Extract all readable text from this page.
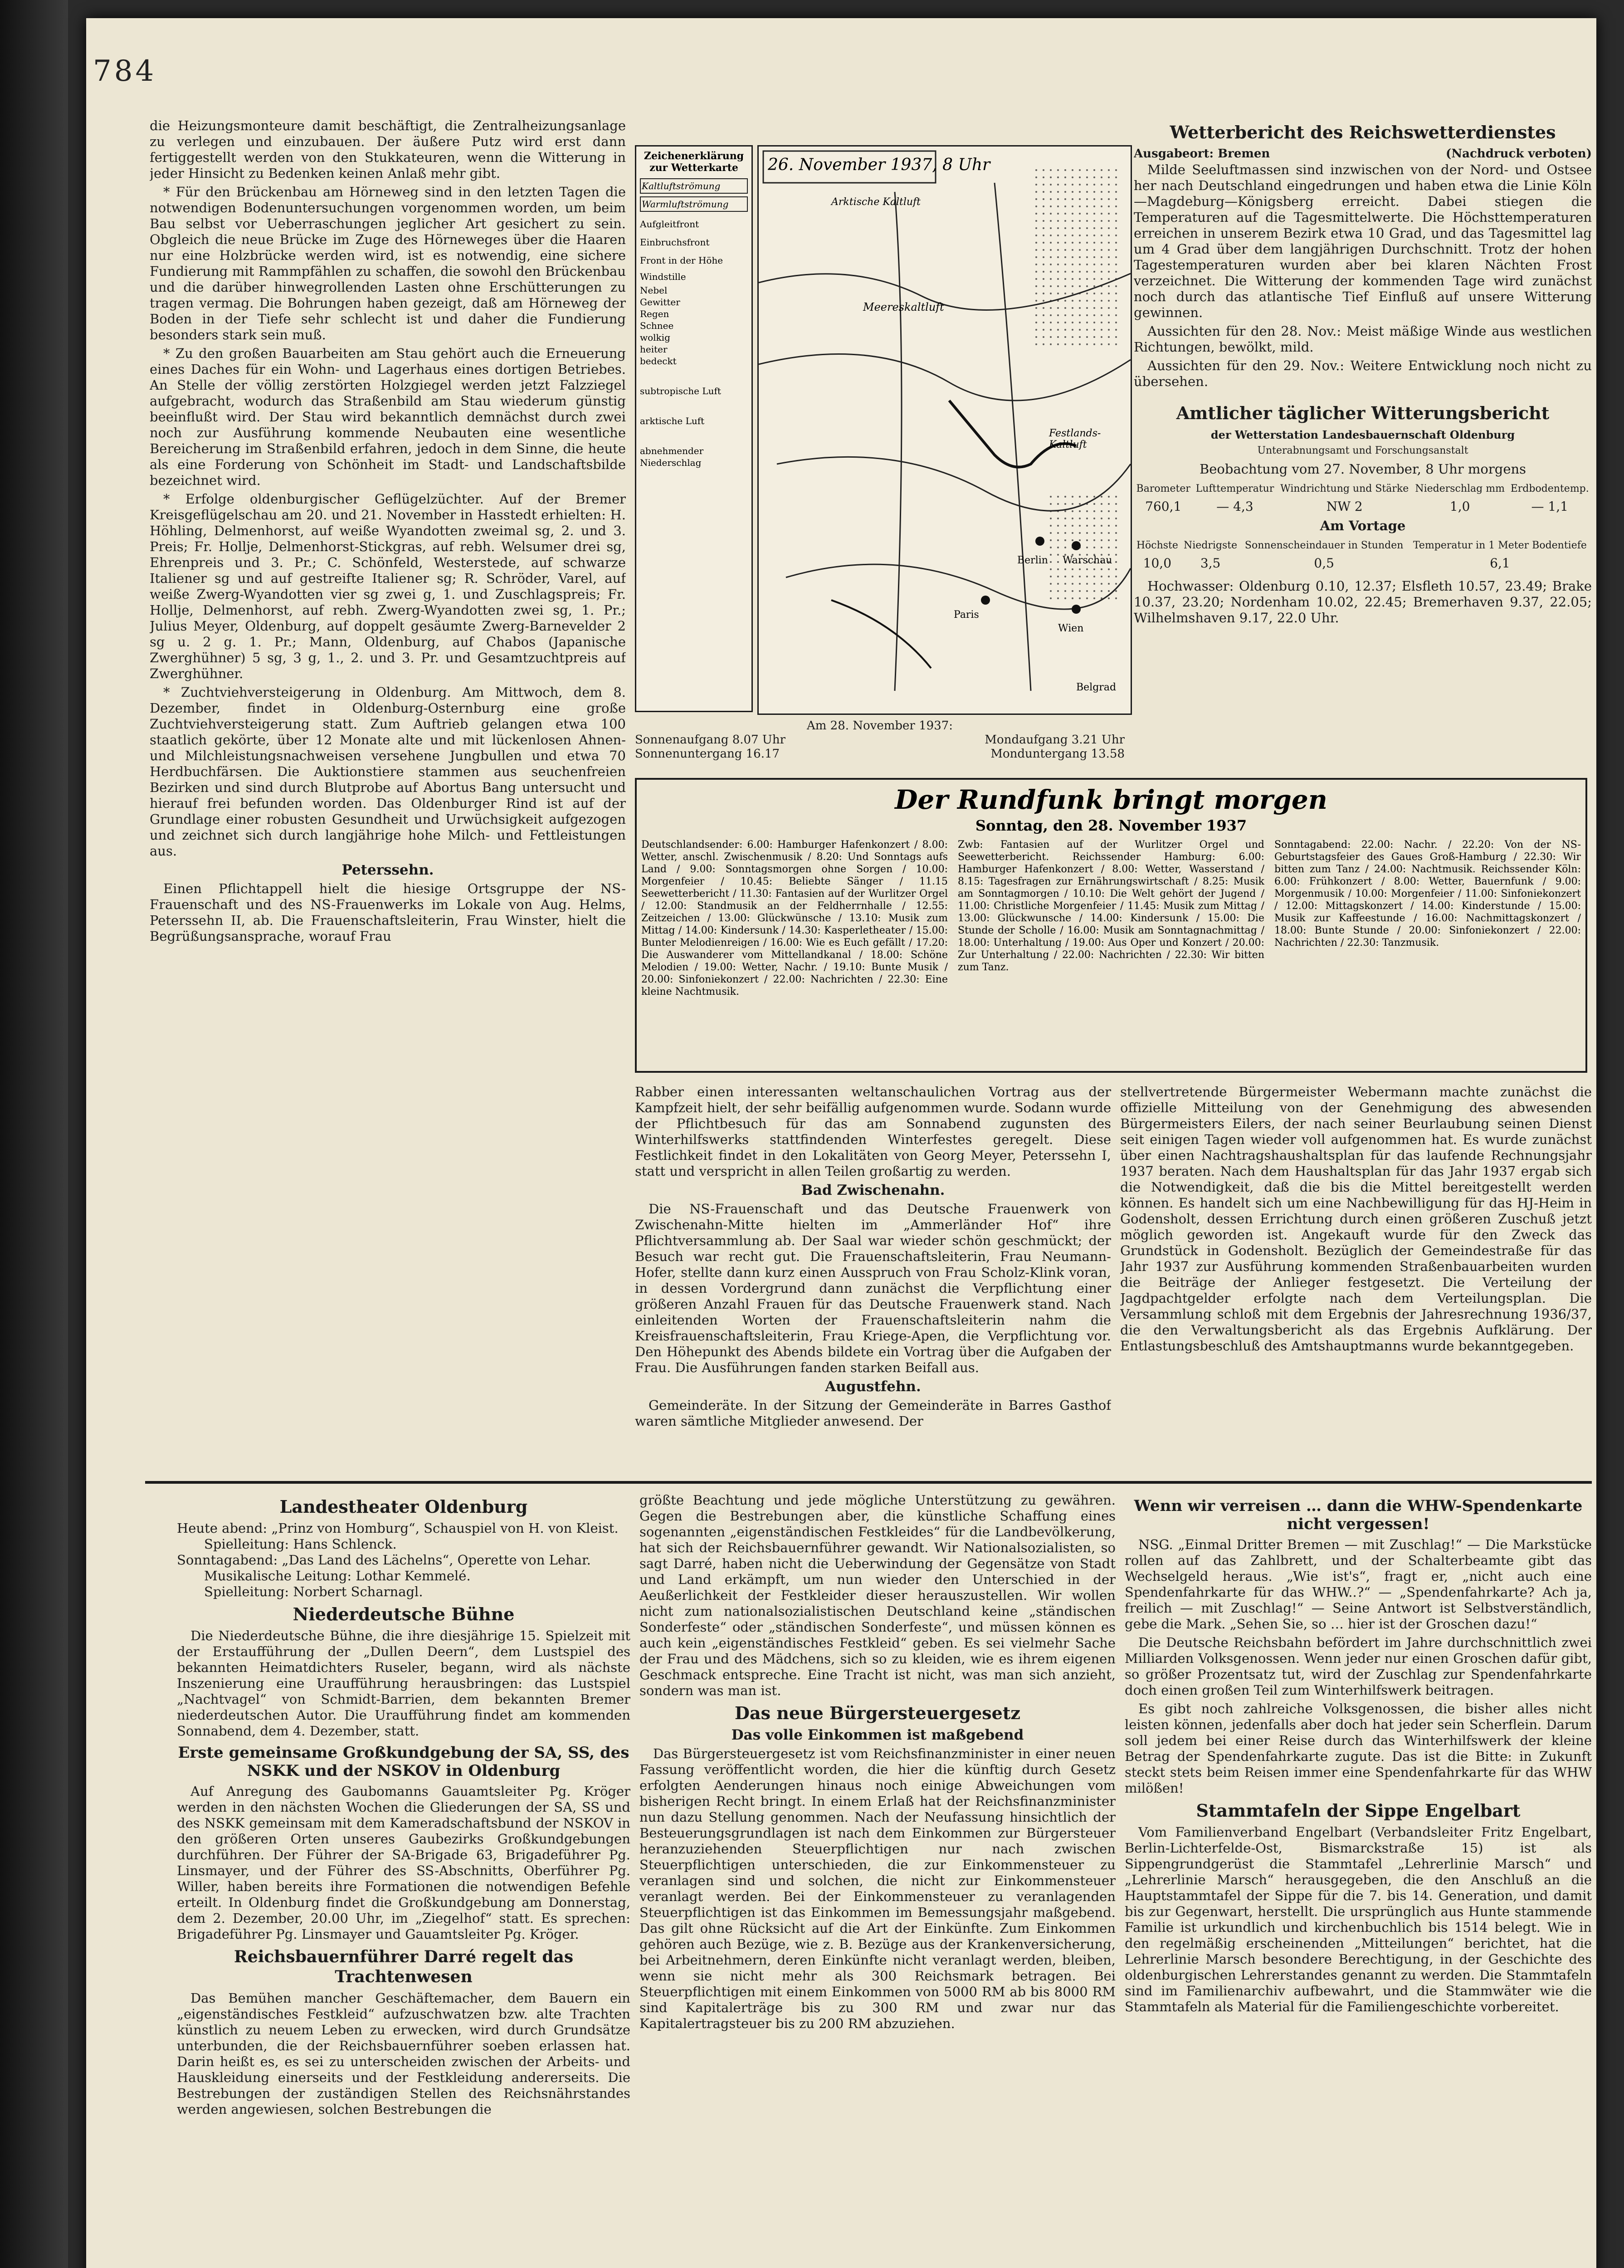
784

die Heizungsmonteure damit beschäftigt, die Zentralheizungsanlage zu verlegen und einzubauen. Der äußere Putz wird erst dann fertiggestellt werden von den Stukkateuren, wenn die Witterung in jeder Hinsicht zu Bedenken keinen Anlaß mehr gibt.

* Für den Brückenbau am Hörneweg sind in den letzten Tagen die notwendigen Bodenuntersuchungen vorgenommen worden, um beim Bau selbst vor Ueberraschungen jeglicher Art gesichert zu sein. Obgleich die neue Brücke im Zuge des Hörneweges über die Haaren nur eine Holzbrücke werden wird, ist es notwendig, eine sichere Fundierung mit Rammpfählen zu schaffen, die sowohl den Brückenbau und die darüber hinwegrollenden Lasten ohne Erschütterungen zu tragen vermag. Die Bohrungen haben gezeigt, daß am Hörneweg der Boden in der Tiefe sehr schlecht ist und daher die Fundierung besonders stark sein muß.

* Zu den großen Bauarbeiten am Stau gehört auch die Erneuerung eines Daches für ein Wohn- und Lagerhaus eines dortigen Betriebes. An Stelle der völlig zerstörten Holzgiegel werden jetzt Falzziegel aufgebracht, wodurch das Straßenbild am Stau wiederum günstig beeinflußt wird. Der Stau wird bekanntlich demnächst durch zwei noch zur Ausführung kommende Neubauten eine wesentliche Bereicherung im Straßenbild erfahren, jedoch in dem Sinne, die heute als eine Forderung von Schönheit im Stadt- und Landschaftsbilde bezeichnet wird.

* Erfolge oldenburgischer Geflügelzüchter. Auf der Bremer Kreisgeflügelschau am 20. und 21. November in Hasstedt erhielten: H. Höhling, Delmenhorst, auf weiße Wyandotten zweimal sg, 2. und 3. Preis; Fr. Hollje, Delmenhorst-Stickgras, auf rebh. Welsumer drei sg, Ehrenpreis und 3. Pr.; C. Schönfeld, Westerstede, auf schwarze Italiener sg und auf gestreifte Italiener sg; R. Schröder, Varel, auf weiße Zwerg-Wyandotten vier sg zwei g, 1. und Zuschlagspreis; Fr. Hollje, Delmenhorst, auf rebh. Zwerg-Wyandotten zwei sg, 1. Pr.; Julius Meyer, Oldenburg, auf doppelt gesäumte Zwerg-Barnevelder 2 sg u. 2 g. 1. Pr.; Mann, Oldenburg, auf Chabos (Japanische Zwerghühner) 5 sg, 3 g, 1., 2. und 3. Pr. und Gesamtzuchtpreis auf Zwerghühner.

* Zuchtviehversteigerung in Oldenburg. Am Mittwoch, dem 8. Dezember, findet in Oldenburg-Osternburg eine große Zuchtviehversteigerung statt. Zum Auftrieb gelangen etwa 100 staatlich gekörte, über 12 Monate alte und mit lückenlosen Ahnen- und Milchleistungsnachweisen versehene Jungbullen und etwa 70 Herdbuchfärsen. Die Auktionstiere stammen aus seuchenfreien Bezirken und sind durch Blutprobe auf Abortus Bang untersucht und hierauf frei befunden worden. Das Oldenburger Rind ist auf der Grundlage einer robusten Gesundheit und Urwüchsigkeit aufgezogen und zeichnet sich durch langjährige hohe Milch- und Fettleistungen aus.

Peterssehn.

Einen Pflichtappell hielt die hiesige Ortsgruppe der NS-Frauenschaft und des NS-Frauenwerks im Lokale von Aug. Helms, Peterssehn II, ab. Die Frauenschaftsleiterin, Frau Winster, hielt die Begrüßungsansprache, worauf Frau

Zeichenerklärung zur Wetterkarte
Kaltluftströmung
Warmluftströmung
Aufgleitfront
Einbruchsfront
Front in der Höhe
Windstille
Nebel
Gewitter
Regen
Schnee
wolkig
heiter
bedeckt
subtropische Luft
arktische Luft
abnehmender Niederschlag
26. November 1937, 8 Uhr
Arktische Kaltluft
Meereskaltluft
Festlands-Kaltluft
Berlin Warschau
Paris
Wien
Belgrad
Wetterbericht des Reichswetterdienstes
Ausgabeort: Bremen	(Nachdruck verboten)

Milde Seeluftmassen sind inzwischen von der Nord- und Ostsee her nach Deutschland eingedrungen und haben etwa die Linie Köln—Magdeburg—Königsberg erreicht. Dabei stiegen die Temperaturen auf die Tagesmittelwerte. Die Höchsttemperaturen erreichen in unserem Bezirk etwa 10 Grad, und das Tagesmittel lag um 4 Grad über dem langjährigen Durchschnitt. Trotz der hohen Tagestemperaturen wurden aber bei klaren Nächten Frost verzeichnet. Die Witterung der kommenden Tage wird zunächst noch durch das atlantische Tief Einfluß auf unsere Witterung gewinnen.

Aussichten für den 28. Nov.: Meist mäßige Winde aus westlichen Richtungen, bewölkt, mild.

Aussichten für den 29. Nov.: Weitere Entwicklung noch nicht zu übersehen.

Amtlicher täglicher Witterungsbericht
der Wetterstation Landesbauernschaft Oldenburg
Unterabnungsamt und Forschungsanstalt
Beobachtung vom 27. November, 8 Uhr morgens
Barometer	Lufttemperatur	Windrichtung und Stärke	Niederschlag mm	Erdbodentemp.
760,1	— 4,3	NW 2	1,0	— 1,1
Am Vortage
Höchste	Niedrigste	Sonnenscheindauer in Stunden	Temperatur in 1 Meter Bodentiefe
10,0	3,5	0,5	6,1

Hochwasser: Oldenburg 0.10, 12.37; Elsfleth 10.57, 23.49; Brake 10.37, 23.20; Nordenham 10.02, 22.45; Bremerhaven 9.37, 22.05; Wilhelmshaven 9.17, 22.0 Uhr.

Am 28. November 1937:
Sonnenaufgang 8.07 Uhr	Mondaufgang 3.21 Uhr
Sonnenuntergang 16.17	Monduntergang 13.58
Der Rundfunk bringt morgen
Sonntag, den 28. November 1937
Deutschlandsender: 6.00: Hamburger Hafenkonzert / 8.00: Wetter, anschl. Zwischenmusik / 8.20: Und Sonntags aufs Land / 9.00: Sonntagsmorgen ohne Sorgen / 10.00: Morgenfeier / 10.45: Beliebte Sänger / 11.15 Seewetterbericht / 11.30: Fantasien auf der Wurlitzer Orgel / 12.00: Standmusik an der Feldherrnhalle / 12.55: Zeitzeichen / 13.00: Glückwünsche / 13.10: Musik zum Mittag / 14.00: Kindersunk / 14.30: Kasperletheater / 15.00: Bunter Melodienreigen / 16.00: Wie es Euch gefällt / 17.20: Die Auswanderer vom Mittellandkanal / 18.00: Schöne Melodien / 19.00: Wetter, Nachr. / 19.10: Bunte Musik / 20.00: Sinfoniekonzert / 22.00: Nachrichten / 22.30: Eine kleine Nachtmusik.
Zwb: Fantasien auf der Wurlitzer Orgel und Seewetterbericht. Reichssender Hamburg: 6.00: Hamburger Hafenkonzert / 8.00: Wetter, Wasserstand / 8.15: Tagesfragen zur Ernährungswirtschaft / 8.25: Musik am Sonntagmorgen / 10.10: Die Welt gehört der Jugend / 11.00: Christliche Morgenfeier / 11.45: Musik zum Mittag / 13.00: Glückwunsche / 14.00: Kindersunk / 15.00: Die Stunde der Scholle / 16.00: Musik am Sonntagnachmittag / 18.00: Unterhaltung / 19.00: Aus Oper und Konzert / 20.00: Zur Unterhaltung / 22.00: Nachrichten / 22.30: Wir bitten zum Tanz.
Sonntagabend: 22.00: Nachr. / 22.20: Von der NS-Geburtstagsfeier des Gaues Groß-Hamburg / 22.30: Wir bitten zum Tanz / 24.00: Nachtmusik. Reichssender Köln: 6.00: Frühkonzert / 8.00: Wetter, Bauernfunk / 9.00: Morgenmusik / 10.00: Morgenfeier / 11.00: Sinfoniekonzert / 12.00: Mittagskonzert / 14.00: Kinderstunde / 15.00: Musik zur Kaffeestunde / 16.00: Nachmittagskonzert / 18.00: Bunte Stunde / 20.00: Sinfoniekonzert / 22.00: Nachrichten / 22.30: Tanzmusik.

Rabber einen interessanten weltanschaulichen Vortrag aus der Kampfzeit hielt, der sehr beifällig aufgenommen wurde. Sodann wurde der Pflichtbesuch für das am Sonnabend zugunsten des Winterhilfswerks stattfindenden Winterfestes geregelt. Diese Festlichkeit findet in den Lokalitäten von Georg Meyer, Peterssehn I, statt und verspricht in allen Teilen großartig zu werden.

Bad Zwischenahn.

Die NS-Frauenschaft und das Deutsche Frauenwerk von Zwischenahn-Mitte hielten im „Ammerländer Hof“ ihre Pflichtversammlung ab. Der Saal war wieder schön geschmückt; der Besuch war recht gut. Die Frauenschaftsleiterin, Frau Neumann-Hofer, stellte dann kurz einen Ausspruch von Frau Scholz-Klink voran, in dessen Vordergrund dann zunächst die Verpflichtung einer größeren Anzahl Frauen für das Deutsche Frauenwerk stand. Nach einleitenden Worten der Frauenschaftsleiterin nahm die Kreisfrauenschaftsleiterin, Frau Kriege-Apen, die Verpflichtung vor. Den Höhepunkt des Abends bildete ein Vortrag über die Aufgaben der Frau. Die Ausführungen fanden starken Beifall aus.

Augustfehn.

Gemeinderäte. In der Sitzung der Gemeinderäte in Barres Gasthof waren sämtliche Mitglieder anwesend. Der

stellvertretende Bürgermeister Webermann machte zunächst die offizielle Mitteilung von der Genehmigung des abwesenden Bürgermeisters Eilers, der nach seiner Beurlaubung seinen Dienst seit einigen Tagen wieder voll aufgenommen hat. Es wurde zunächst über einen Nachtragshaushaltsplan für das laufende Rechnungsjahr 1937 beraten. Nach dem Haushaltsplan für das Jahr 1937 ergab sich die Notwendigkeit, daß die bis die Mittel bereitgestellt werden können. Es handelt sich um eine Nachbewilligung für das HJ-Heim in Godensholt, dessen Errichtung durch einen größeren Zuschuß jetzt möglich geworden ist. Angekauft wurde für den Zweck das Grundstück in Godensholt. Bezüglich der Gemeindestraße für das Jahr 1937 zur Ausführung kommenden Straßenbauarbeiten wurden die Beiträge der Anlieger festgesetzt. Die Verteilung der Jagdpachtgelder erfolgte nach dem Verteilungsplan. Die Versammlung schloß mit dem Ergebnis der Jahresrechnung 1936/37, die den Verwaltungsbericht als das Ergebnis Aufklärung. Der Entlastungsbeschluß des Amtshauptmanns wurde bekanntgegeben.

Landestheater Oldenburg
Heute abend: „Prinz von Homburg“, Schauspiel von H. von Kleist.
Spielleitung: Hans Schlenck.
Sonntagabend: „Das Land des Lächelns“, Operette von Lehar.
Musikalische Leitung: Lothar Kemmelé.
Spielleitung: Norbert Scharnagl.
Niederdeutsche Bühne

Die Niederdeutsche Bühne, die ihre diesjährige 15. Spielzeit mit der Erstaufführung der „Dullen Deern“, dem Lustspiel des bekannten Heimatdichters Ruseler, begann, wird als nächste Inszenierung eine Uraufführung herausbringen: das Lustspiel „Nachtvagel“ von Schmidt-Barrien, dem bekannten Bremer niederdeutschen Autor. Die Uraufführung findet am kommenden Sonnabend, dem 4. Dezember, statt.

Erste gemeinsame Großkundgebung der SA, SS, des NSKK und der NSKOV in Oldenburg

Auf Anregung des Gaubomanns Gauamtsleiter Pg. Kröger werden in den nächsten Wochen die Gliederungen der SA, SS und des NSKK gemeinsam mit dem Kameradschaftsbund der NSKOV in den größeren Orten unseres Gaubezirks Großkundgebungen durchführen. Der Führer der SA-Brigade 63, Brigadeführer Pg. Linsmayer, und der Führer des SS-Abschnitts, Oberführer Pg. Willer, haben bereits ihre Formationen die notwendigen Befehle erteilt. In Oldenburg findet die Großkundgebung am Donnerstag, dem 2. Dezember, 20.00 Uhr, im „Ziegelhof“ statt. Es sprechen: Brigadeführer Pg. Linsmayer und Gauamtsleiter Pg. Kröger.

Reichsbauernführer Darré regelt das Trachtenwesen

Das Bemühen mancher Geschäftemacher, dem Bauern ein „eigenständisches Festkleid“ aufzuschwatzen bzw. alte Trachten künstlich zu neuem Leben zu erwecken, wird durch Grundsätze unterbunden, die der Reichsbauernführer soeben erlassen hat. Darin heißt es, es sei zu unterscheiden zwischen der Arbeits- und Hauskleidung einerseits und der Festkleidung andererseits. Die Bestrebungen der zuständigen Stellen des Reichsnährstandes werden angewiesen, solchen Bestrebungen die

größte Beachtung und jede mögliche Unterstützung zu gewähren. Gegen die Bestrebungen aber, die künstliche Schaffung eines sogenannten „eigenständischen Festkleides“ für die Landbevölkerung, hat sich der Reichsbauernführer gewandt. Wir Nationalsozialisten, so sagt Darré, haben nicht die Ueberwindung der Gegensätze von Stadt und Land erkämpft, um nun wieder den Unterschied in der Aeußerlichkeit der Festkleider dieser herauszustellen. Wir wollen nicht zum nationalsozialistischen Deutschland keine „ständischen Sonderfeste“ oder „ständischen Sonderfeste“, und müssen können es auch kein „eigenständisches Festkleid“ geben. Es sei vielmehr Sache der Frau und des Mädchens, sich so zu kleiden, wie es ihrem eigenen Geschmack entspreche. Eine Tracht ist nicht, was man sich anzieht, sondern was man ist.

Das neue Bürgersteuergesetz
Das volle Einkommen ist maßgebend

Das Bürgersteuergesetz ist vom Reichsfinanzminister in einer neuen Fassung veröffentlicht worden, die hier die künftig durch Gesetz erfolgten Aenderungen hinaus noch einige Abweichungen vom bisherigen Recht bringt. In einem Erlaß hat der Reichsfinanzminister nun dazu Stellung genommen. Nach der Neufassung hinsichtlich der Besteuerungsgrundlagen ist nach dem Einkommen zur Bürgersteuer heranzuziehenden Steuerpflichtigen nur nach zwischen Steuerpflichtigen unterschieden, die zur Einkommensteuer zu veranlagen sind und solchen, die nicht zur Einkommensteuer veranlagt werden. Bei der Einkommensteuer zu veranlagenden Steuerpflichtigen ist das Einkommen im Bemessungsjahr maßgebend. Das gilt ohne Rücksicht auf die Art der Einkünfte. Zum Einkommen gehören auch Bezüge, wie z. B. Bezüge aus der Krankenversicherung, bei Arbeitnehmern, deren Einkünfte nicht veranlagt werden, bleiben, wenn sie nicht mehr als 300 Reichsmark betragen. Bei Steuerpflichtigen mit einem Einkommen von 5000 RM ab bis 8000 RM sind Kapitalerträge bis zu 300 RM und zwar nur das Kapitalertragsteuer bis zu 200 RM abzuziehen.

Wenn wir verreisen … dann die WHW-Spendenkarte nicht vergessen!

NSG. „Einmal Dritter Bremen — mit Zuschlag!“ — Die Markstücke rollen auf das Zahlbrett, und der Schalterbeamte gibt das Wechselgeld heraus. „Wie ist's“, fragt er, „nicht auch eine Spendenfahrkarte für das WHW..?“ — „Spendenfahrkarte? Ach ja, freilich — mit Zuschlag!“ — Seine Antwort ist Selbstverständlich, gebe die Mark. „Sehen Sie, so … hier ist der Groschen dazu!“

Die Deutsche Reichsbahn befördert im Jahre durchschnittlich zwei Milliarden Volksgenossen. Wenn jeder nur einen Groschen dafür gibt, so größer Prozentsatz tut, wird der Zuschlag zur Spendenfahrkarte doch einen großen Teil zum Winterhilfswerk beitragen.

Es gibt noch zahlreiche Volksgenossen, die bisher alles nicht leisten können, jedenfalls aber doch hat jeder sein Scherflein. Darum soll jedem bei einer Reise durch das Winterhilfswerk der kleine Betrag der Spendenfahrkarte zugute. Das ist die Bitte: in Zukunft steckt stets beim Reisen immer eine Spendenfahrkarte für das WHW milößen!

Stammtafeln der Sippe Engelbart

Vom Familienverband Engelbart (Verbandsleiter Fritz Engelbart, Berlin-Lichterfelde-Ost, Bismarckstraße 15) ist als Sippengrundgerüst die Stammtafel „Lehrerlinie Marsch“ und „Lehrerlinie Marsch“ herausgegeben, die den Anschluß an die Hauptstammtafel der Sippe für die 7. bis 14. Generation, und damit bis zur Gegenwart, herstellt. Die ursprünglich aus Hunte stammende Familie ist urkundlich und kirchenbuchlich bis 1514 belegt. Wie in den regelmäßig erscheinenden „Mitteilungen“ berichtet, hat die Lehrerlinie Marsch besondere Berechtigung, in der Geschichte des oldenburgischen Lehrerstandes genannt zu werden. Die Stammtafeln sind im Familienarchiv aufbewahrt, und die Stammwäter wie die Stammtafeln als Material für die Familiengeschichte vorbereitet.
